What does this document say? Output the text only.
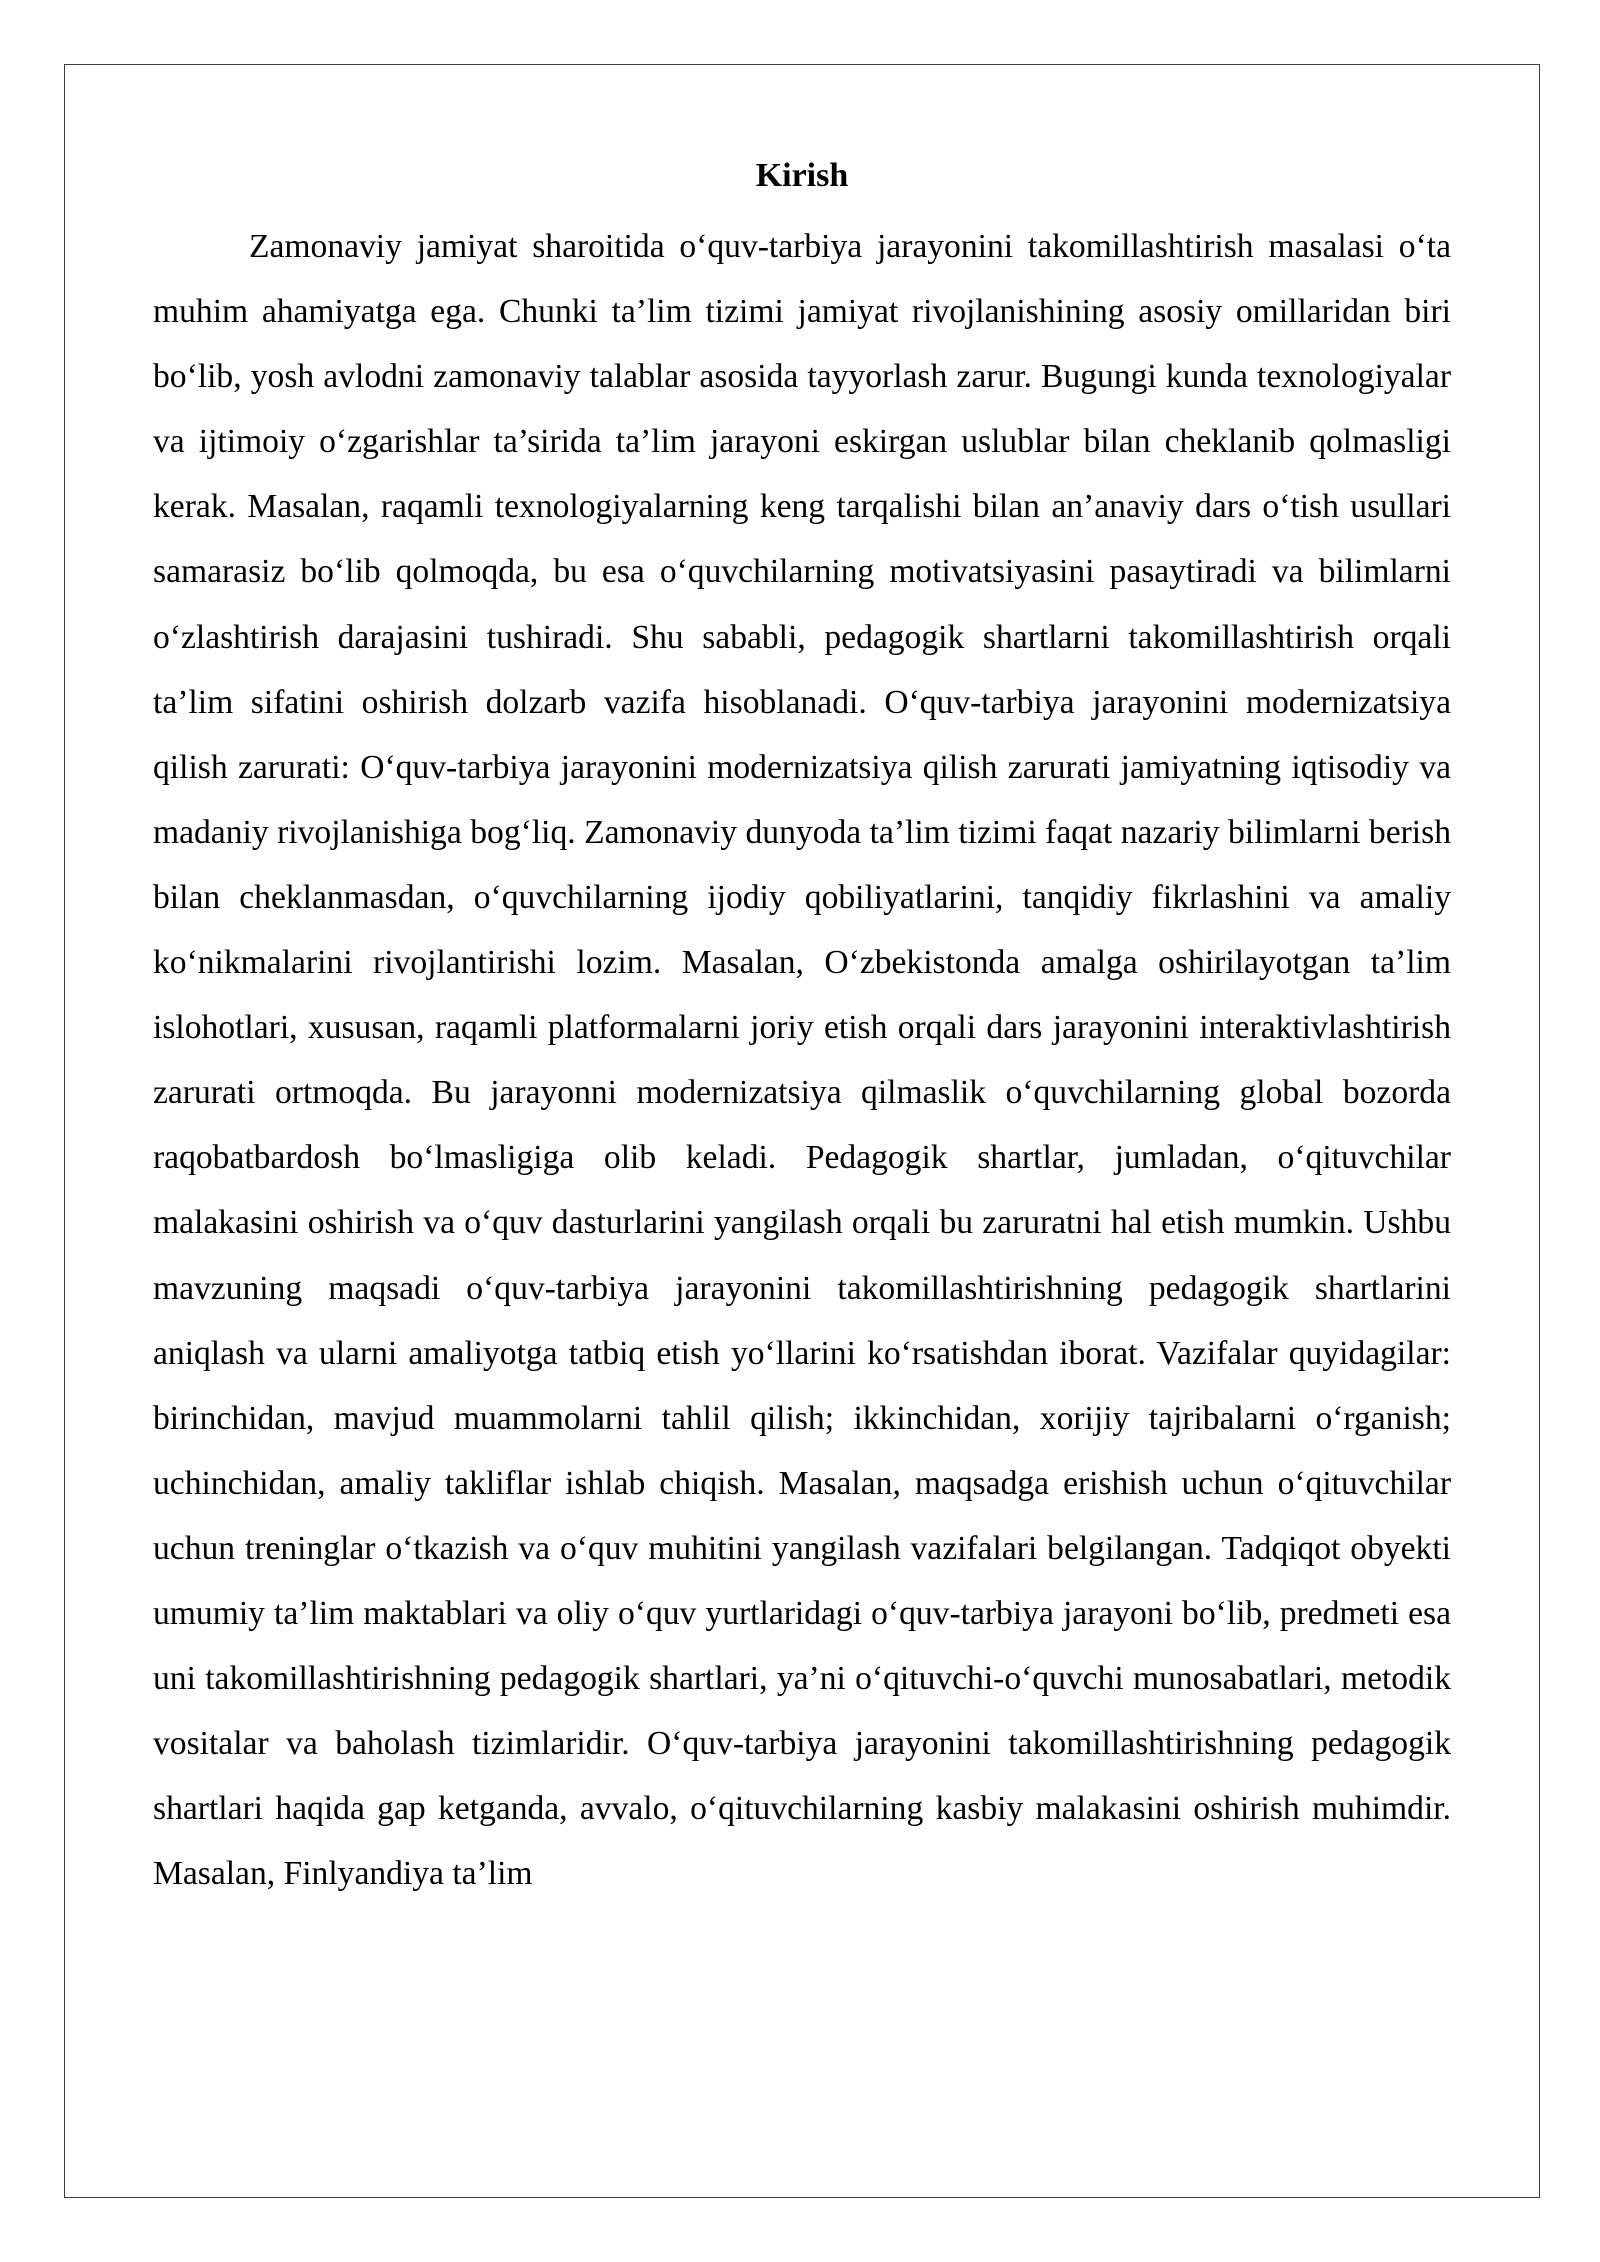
Kirish

Zamonaviy jamiyat sharoitida o‘quv-tarbiya jarayonini takomillashtirish masalasi o‘ta muhim ahamiyatga ega. Chunki ta’lim tizimi jamiyat rivojlanishining asosiy omillaridan biri bo‘lib, yosh avlodni zamonaviy talablar asosida tayyorlash zarur. Bugungi kunda texnologiyalar va ijtimoiy o‘zgarishlar ta’sirida ta’lim jarayoni eskirgan uslublar bilan cheklanib qolmasligi kerak. Masalan, raqamli texnologiyalarning keng tarqalishi bilan an’anaviy dars o‘tish usullari samarasiz bo‘lib qolmoqda, bu esa o‘quvchilarning motivatsiyasini pasaytiradi va bilimlarni o‘zlashtirish darajasini tushiradi. Shu sababli, pedagogik shartlarni takomillashtirish orqali ta’lim sifatini oshirish dolzarb vazifa hisoblanadi. O‘quv-tarbiya jarayonini modernizatsiya qilish zarurati: O‘quv-tarbiya jarayonini modernizatsiya qilish zarurati jamiyatning iqtisodiy va madaniy rivojlanishiga bog‘liq. Zamonaviy dunyoda ta’lim tizimi faqat nazariy bilimlarni berish bilan cheklanmasdan, o‘quvchilarning ijodiy qobiliyatlarini, tanqidiy fikrlashini va amaliy ko‘nikmalarini rivojlantirishi lozim. Masalan, O‘zbekistonda amalga oshirilayotgan ta’lim islohotlari, xususan, raqamli platformalarni joriy etish orqali dars jarayonini interaktivlashtirish zarurati ortmoqda. Bu jarayonni modernizatsiya qilmaslik o‘quvchilarning global bozorda raqobatbardosh bo‘lmasligiga olib keladi. Pedagogik shartlar, jumladan, o‘qituvchilar malakasini oshirish va o‘quv dasturlarini yangilash orqali bu zaruratni hal etish mumkin. Ushbu mavzuning maqsadi o‘quv-tarbiya jarayonini takomillashtirishning pedagogik shartlarini aniqlash va ularni amaliyotga tatbiq etish yo‘llarini ko‘rsatishdan iborat. Vazifalar quyidagilar: birinchidan, mavjud muammolarni tahlil qilish; ikkinchidan, xorijiy tajribalarni o‘rganish; uchinchidan, amaliy takliflar ishlab chiqish. Masalan, maqsadga erishish uchun o‘qituvchilar uchun treninglar o‘tkazish va o‘quv muhitini yangilash vazifalari belgilangan. Tadqiqot obyekti umumiy ta’lim maktablari va oliy o‘quv yurtlaridagi o‘quv-tarbiya jarayoni bo‘lib, predmeti esa uni takomillashtirishning pedagogik shartlari, ya’ni o‘qituvchi-o‘quvchi munosabatlari, metodik vositalar va baholash tizimlaridir. O‘quv-tarbiya jarayonini takomillashtirishning pedagogik shartlari haqida gap ketganda, avvalo, o‘qituvchilarning kasbiy malakasini oshirish muhimdir. Masalan, Finlyandiya ta’lim
